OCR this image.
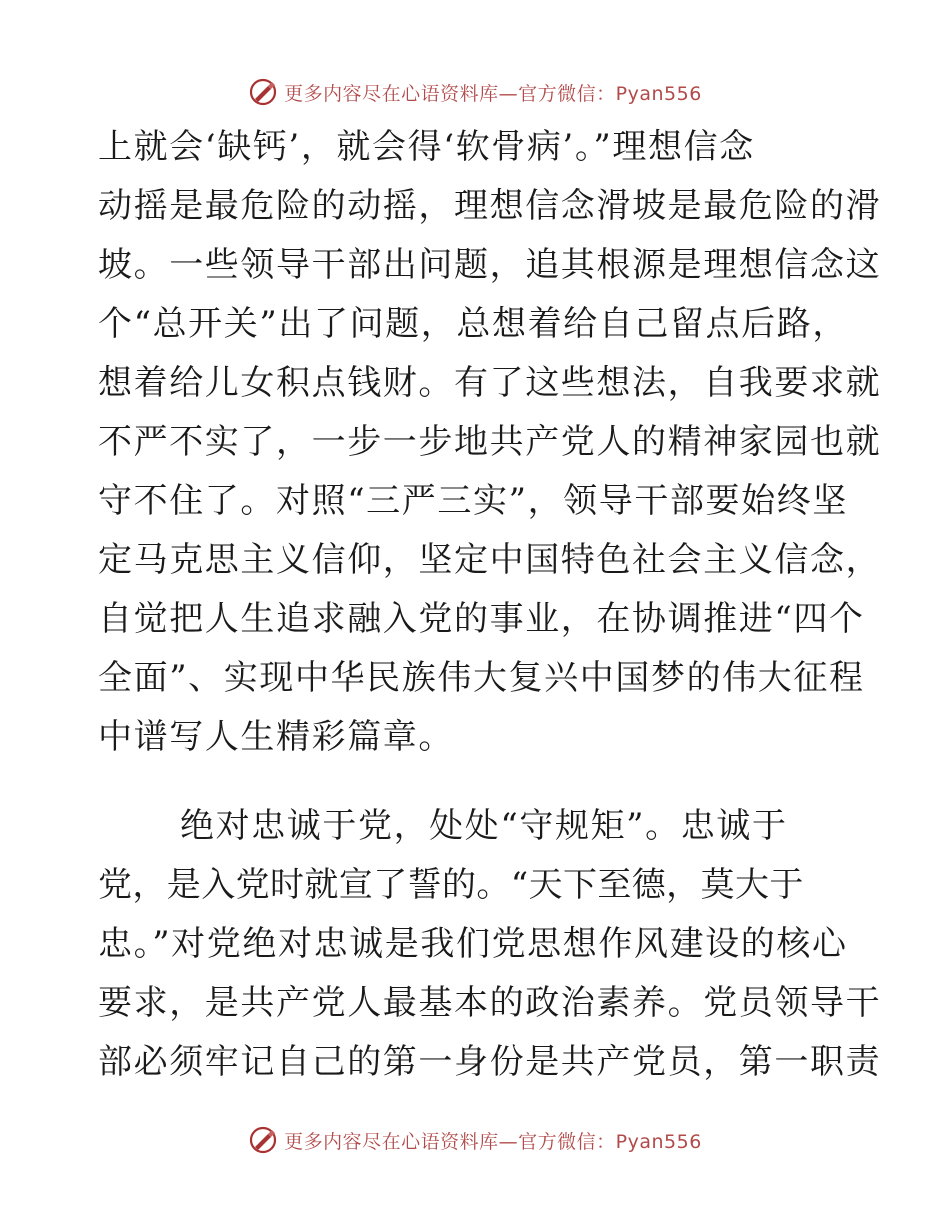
更多内容尽在心语资料库—官方微信：Pyan556
上就会‘缺钙’，就会得‘软骨病’。”理想信念
动摇是最危险的动摇，理想信念滑坡是最危险的滑
坡。一些领导干部出问题，追其根源是理想信念这
个“总开关”出了问题，总想着给自己留点后路，
想着给儿女积点钱财。有了这些想法，自我要求就
不严不实了，一步一步地共产党人的精神家园也就
守不住了。对照“三严三实”，领导干部要始终坚
定马克思主义信仰，坚定中国特色社会主义信念，
自觉把人生追求融入党的事业，在协调推进“四个
全面”、实现中华民族伟大复兴中国梦的伟大征程
中谱写人生精彩篇章。
绝对忠诚于党，处处“守规矩”。忠诚于
党，是入党时就宣了誓的。“天下至德，莫大于
忠。”对党绝对忠诚是我们党思想作风建设的核心
要求，是共产党人最基本的政治素养。党员领导干
部必须牢记自己的第一身份是共产党员，第一职责
更多内容尽在心语资料库—官方微信：Pyan556
